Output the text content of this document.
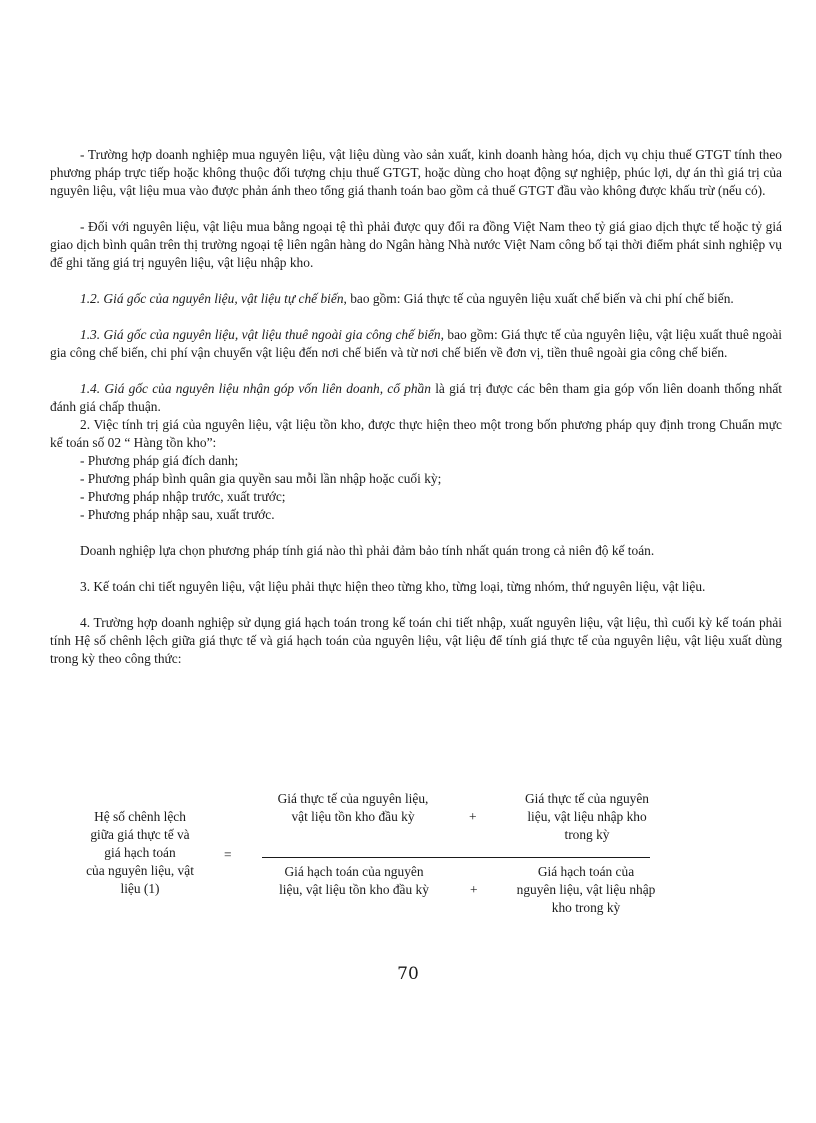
- Trường hợp doanh nghiệp mua nguyên liệu, vật liệu dùng vào sản xuất, kinh doanh hàng hóa, dịch vụ chịu thuế GTGT tính theo phương pháp trực tiếp hoặc không thuộc đối tượng chịu thuế GTGT, hoặc dùng cho hoạt động sự nghiệp, phúc lợi, dự án thì giá trị của nguyên liệu, vật liệu mua vào được phản ánh theo tổng giá thanh toán bao gồm cả thuế GTGT đầu vào không được khấu trừ (nếu có).

- Đối với nguyên liệu, vật liệu mua bằng ngoại tệ thì phải được quy đổi ra đồng Việt Nam theo tỷ giá giao dịch thực tế hoặc tỷ giá giao dịch bình quân trên thị trường ngoại tệ liên ngân hàng do Ngân hàng Nhà nước Việt Nam công bố tại thời điểm phát sinh nghiệp vụ để ghi tăng giá trị nguyên liệu, vật liệu nhập kho.

1.2. Giá gốc của nguyên liệu, vật liệu tự chế biến, bao gồm: Giá thực tế của nguyên liệu xuất chế biến và chi phí chế biến.

1.3. Giá gốc của nguyên liệu, vật liệu thuê ngoài gia công chế biến, bao gồm: Giá thực tế của nguyên liệu, vật liệu xuất thuê ngoài gia công chế biến, chi phí vận chuyển vật liệu đến nơi chế biến và từ nơi chế biến về đơn vị, tiền thuê ngoài gia công chế biến.

1.4. Giá gốc của nguyên liệu nhận góp vốn liên doanh, cổ phần là giá trị được các bên tham gia góp vốn liên doanh thống nhất đánh giá chấp thuận.

2. Việc tính trị giá của nguyên liệu, vật liệu tồn kho, được thực hiện theo một trong bốn phương pháp quy định trong Chuẩn mực kế toán số 02 “ Hàng tồn kho”:

- Phương pháp giá đích danh;

- Phương pháp bình quân gia quyền sau mỗi lần nhập hoặc cuối kỳ;

- Phương pháp nhập trước, xuất trước;

- Phương pháp nhập sau, xuất trước.

Doanh nghiệp lựa chọn phương pháp tính giá nào thì phải đảm bảo tính nhất quán trong cả niên độ kế toán.

3. Kế toán chi tiết nguyên liệu, vật liệu phải thực hiện theo từng kho, từng loại, từng nhóm, thứ nguyên liệu, vật liệu.

4. Trường hợp doanh nghiệp sử dụng giá hạch toán trong kế toán chi tiết nhập, xuất nguyên liệu, vật liệu, thì cuối kỳ kế toán phải tính Hệ số chênh lệch giữa giá thực tế và giá hạch toán của nguyên liệu, vật liệu để tính giá thực tế của nguyên liệu, vật liệu xuất dùng trong kỳ theo công thức:

Hệ số chênh lệch
giữa giá thực tế và
giá hạch toán
của nguyên liệu, vật
liệu (1)
=
Giá thực tế của nguyên liệu,
vật liệu tồn kho đầu kỳ	+
Giá thực tế của nguyên
liệu, vật liệu nhập kho
trong kỳ
Giá hạch toán của nguyên
liệu, vật liệu tồn kho đầu kỳ	+
Giá hạch toán của
nguyên liệu, vật liệu nhập
kho trong kỳ
70
